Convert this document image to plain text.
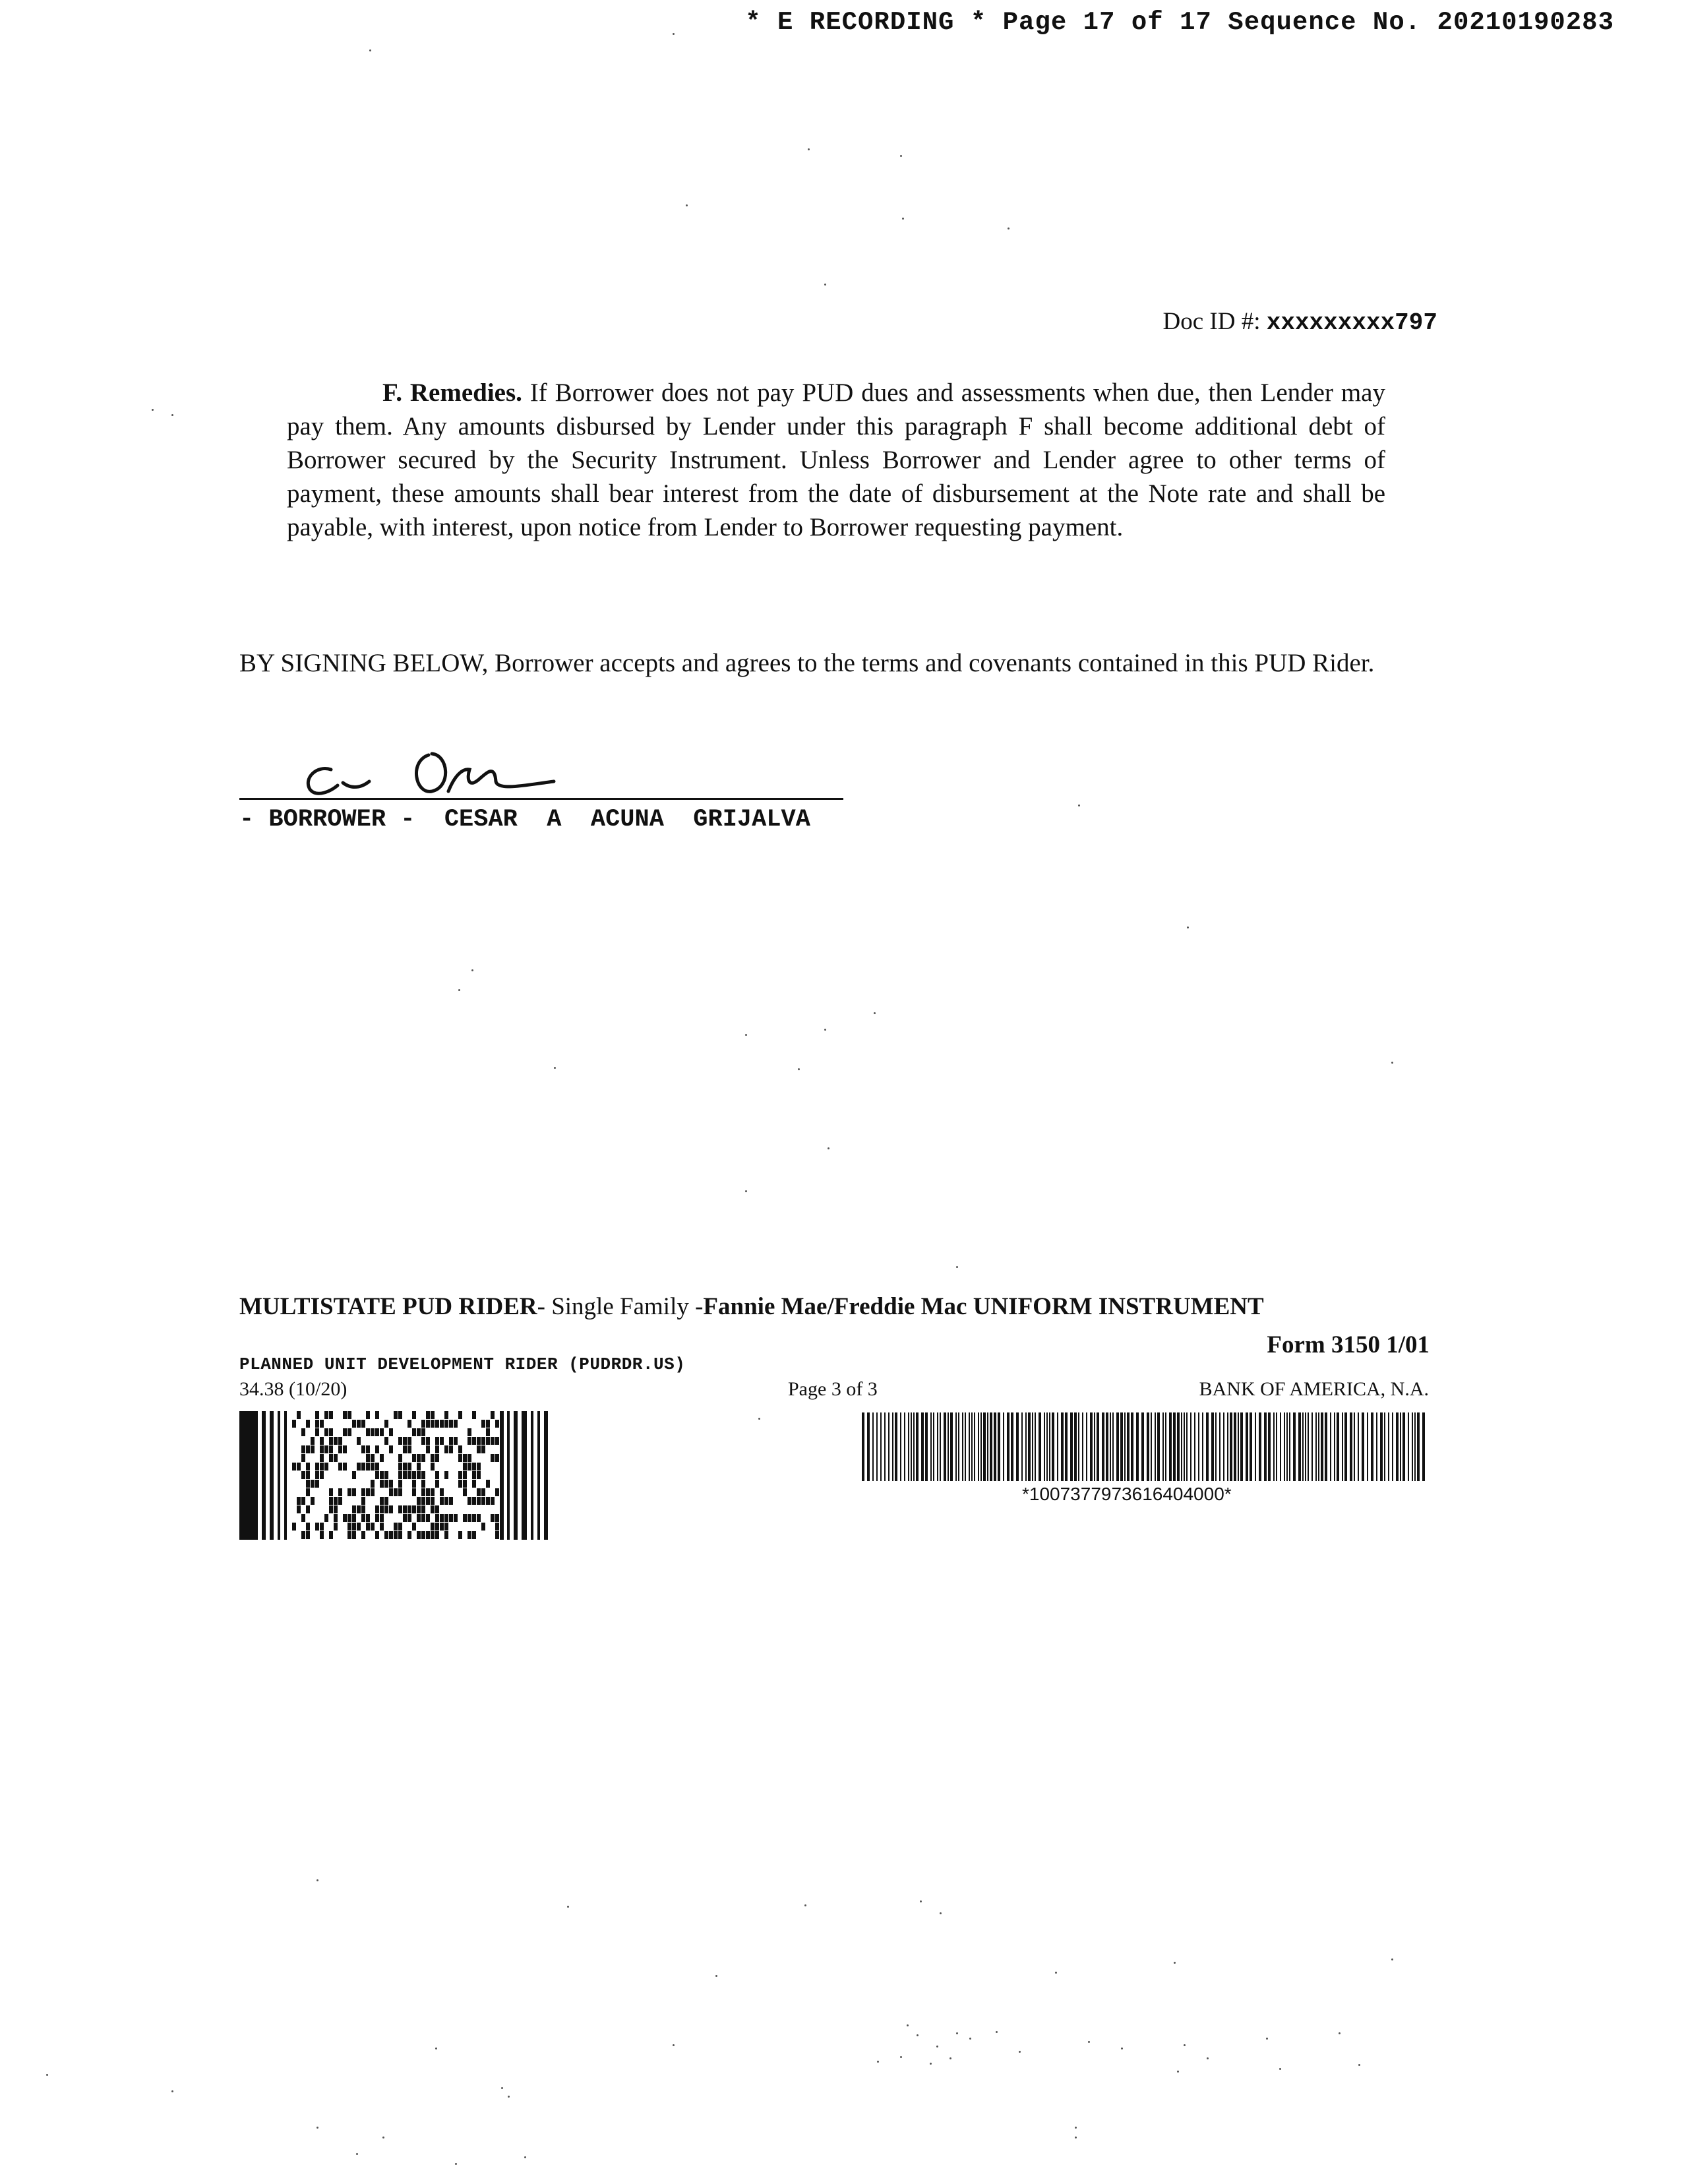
* E RECORDING * Page 17 of 17 Sequence No. 20210190283
Doc ID #: xxxxxxxxx797
F. Remedies. If Borrower does not pay PUD dues and assessments when due, then Lender may pay them. Any amounts disbursed by Lender under this paragraph F shall become additional debt of Borrower secured by the Security Instrument. Unless Borrower and Lender agree to other terms of payment, these amounts shall bear interest from the date of disbursement at the Note rate and shall be payable, with interest, upon notice from Lender to Borrower requesting payment.
BY SIGNING BELOW, Borrower accepts and agrees to the terms and covenants contained in this PUD Rider.
- BORROWER -  CESAR  A  ACUNA  GRIJALVA
MULTISTATE PUD RIDER- Single Family -Fannie Mae/Freddie Mac UNIFORM INSTRUMENT
Form 3150 1/01
PLANNED UNIT DEVELOPMENT RIDER (PUDRDR.US)
34.38 (10/20)	Page 3 of 3	BANK OF AMERICA, N.A.
*1007377973616404000*
